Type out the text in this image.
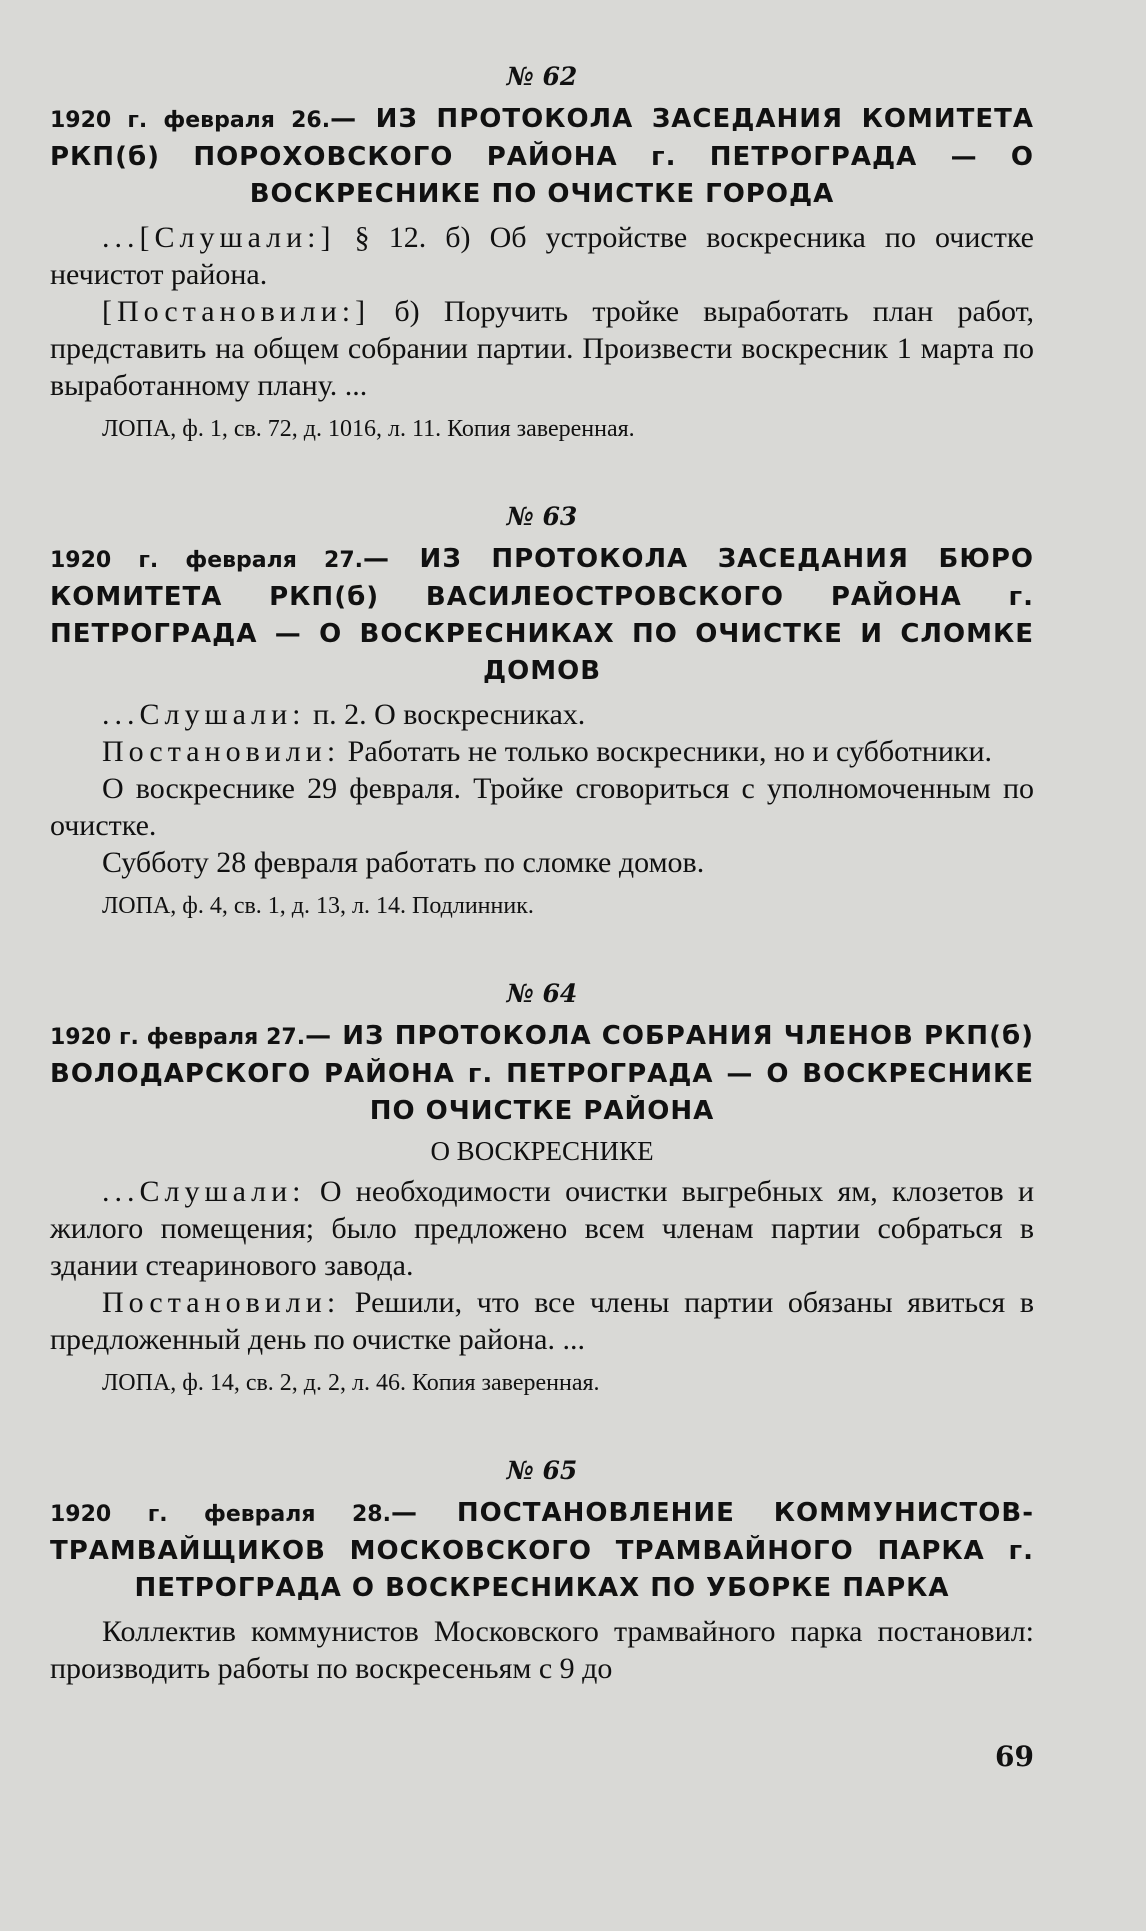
№ 62
1920 г. февраля 26.— ИЗ ПРОТОКОЛА ЗАСЕДАНИЯ КОМИТЕТА РКП(б) ПОРОХОВСКОГО РАЙОНА г. ПЕТРОГРАДА — О ВОСКРЕСНИКЕ ПО ОЧИСТКЕ ГОРОДА

...[Слушали:] § 12. б) Об устройстве воскресника по очистке нечистот района.

[Постановили:] б) Поручить тройке выработать план работ, представить на общем собрании партии. Произвести воскресник 1 марта по выработанному плану. ...

ЛОПА, ф. 1, св. 72, д. 1016, л. 11. Копия заверенная.
№ 63
1920 г. февраля 27.— ИЗ ПРОТОКОЛА ЗАСЕДАНИЯ БЮРО КОМИТЕТА РКП(б) ВАСИЛЕОСТРОВСКОГО РАЙОНА г. ПЕТРОГРАДА — О ВОСКРЕСНИКАХ ПО ОЧИСТКЕ И СЛОМКЕ ДОМОВ

...Слушали: п. 2. О воскресниках.

Постановили: Работать не только воскресники, но и субботники.

О воскреснике 29 февраля. Тройке сговориться с уполномоченным по очистке.

Субботу 28 февраля работать по сломке домов.

ЛОПА, ф. 4, св. 1, д. 13, л. 14. Подлинник.
№ 64
1920 г. февраля 27.— ИЗ ПРОТОКОЛА СОБРАНИЯ ЧЛЕНОВ РКП(б) ВОЛОДАРСКОГО РАЙОНА г. ПЕТРОГРАДА — О ВОСКРЕСНИКЕ ПО ОЧИСТКЕ РАЙОНА
О ВОСКРЕСНИКЕ

...Слушали: О необходимости очистки выгребных ям, клозетов и жилого помещения; было предложено всем членам партии собраться в здании стеаринового завода.

Постановили: Решили, что все члены партии обязаны явиться в предложенный день по очистке района. ...

ЛОПА, ф. 14, св. 2, д. 2, л. 46. Копия заверенная.
№ 65
1920 г. февраля 28.— ПОСТАНОВЛЕНИЕ КОММУНИСТОВ-ТРАМВАЙЩИКОВ МОСКОВСКОГО ТРАМВАЙНОГО ПАРКА г. ПЕТРОГРАДА О ВОСКРЕСНИКАХ ПО УБОРКЕ ПАРКА

Коллектив коммунистов Московского трамвайного парка постановил: производить работы по воскресеньям с 9 до

69
